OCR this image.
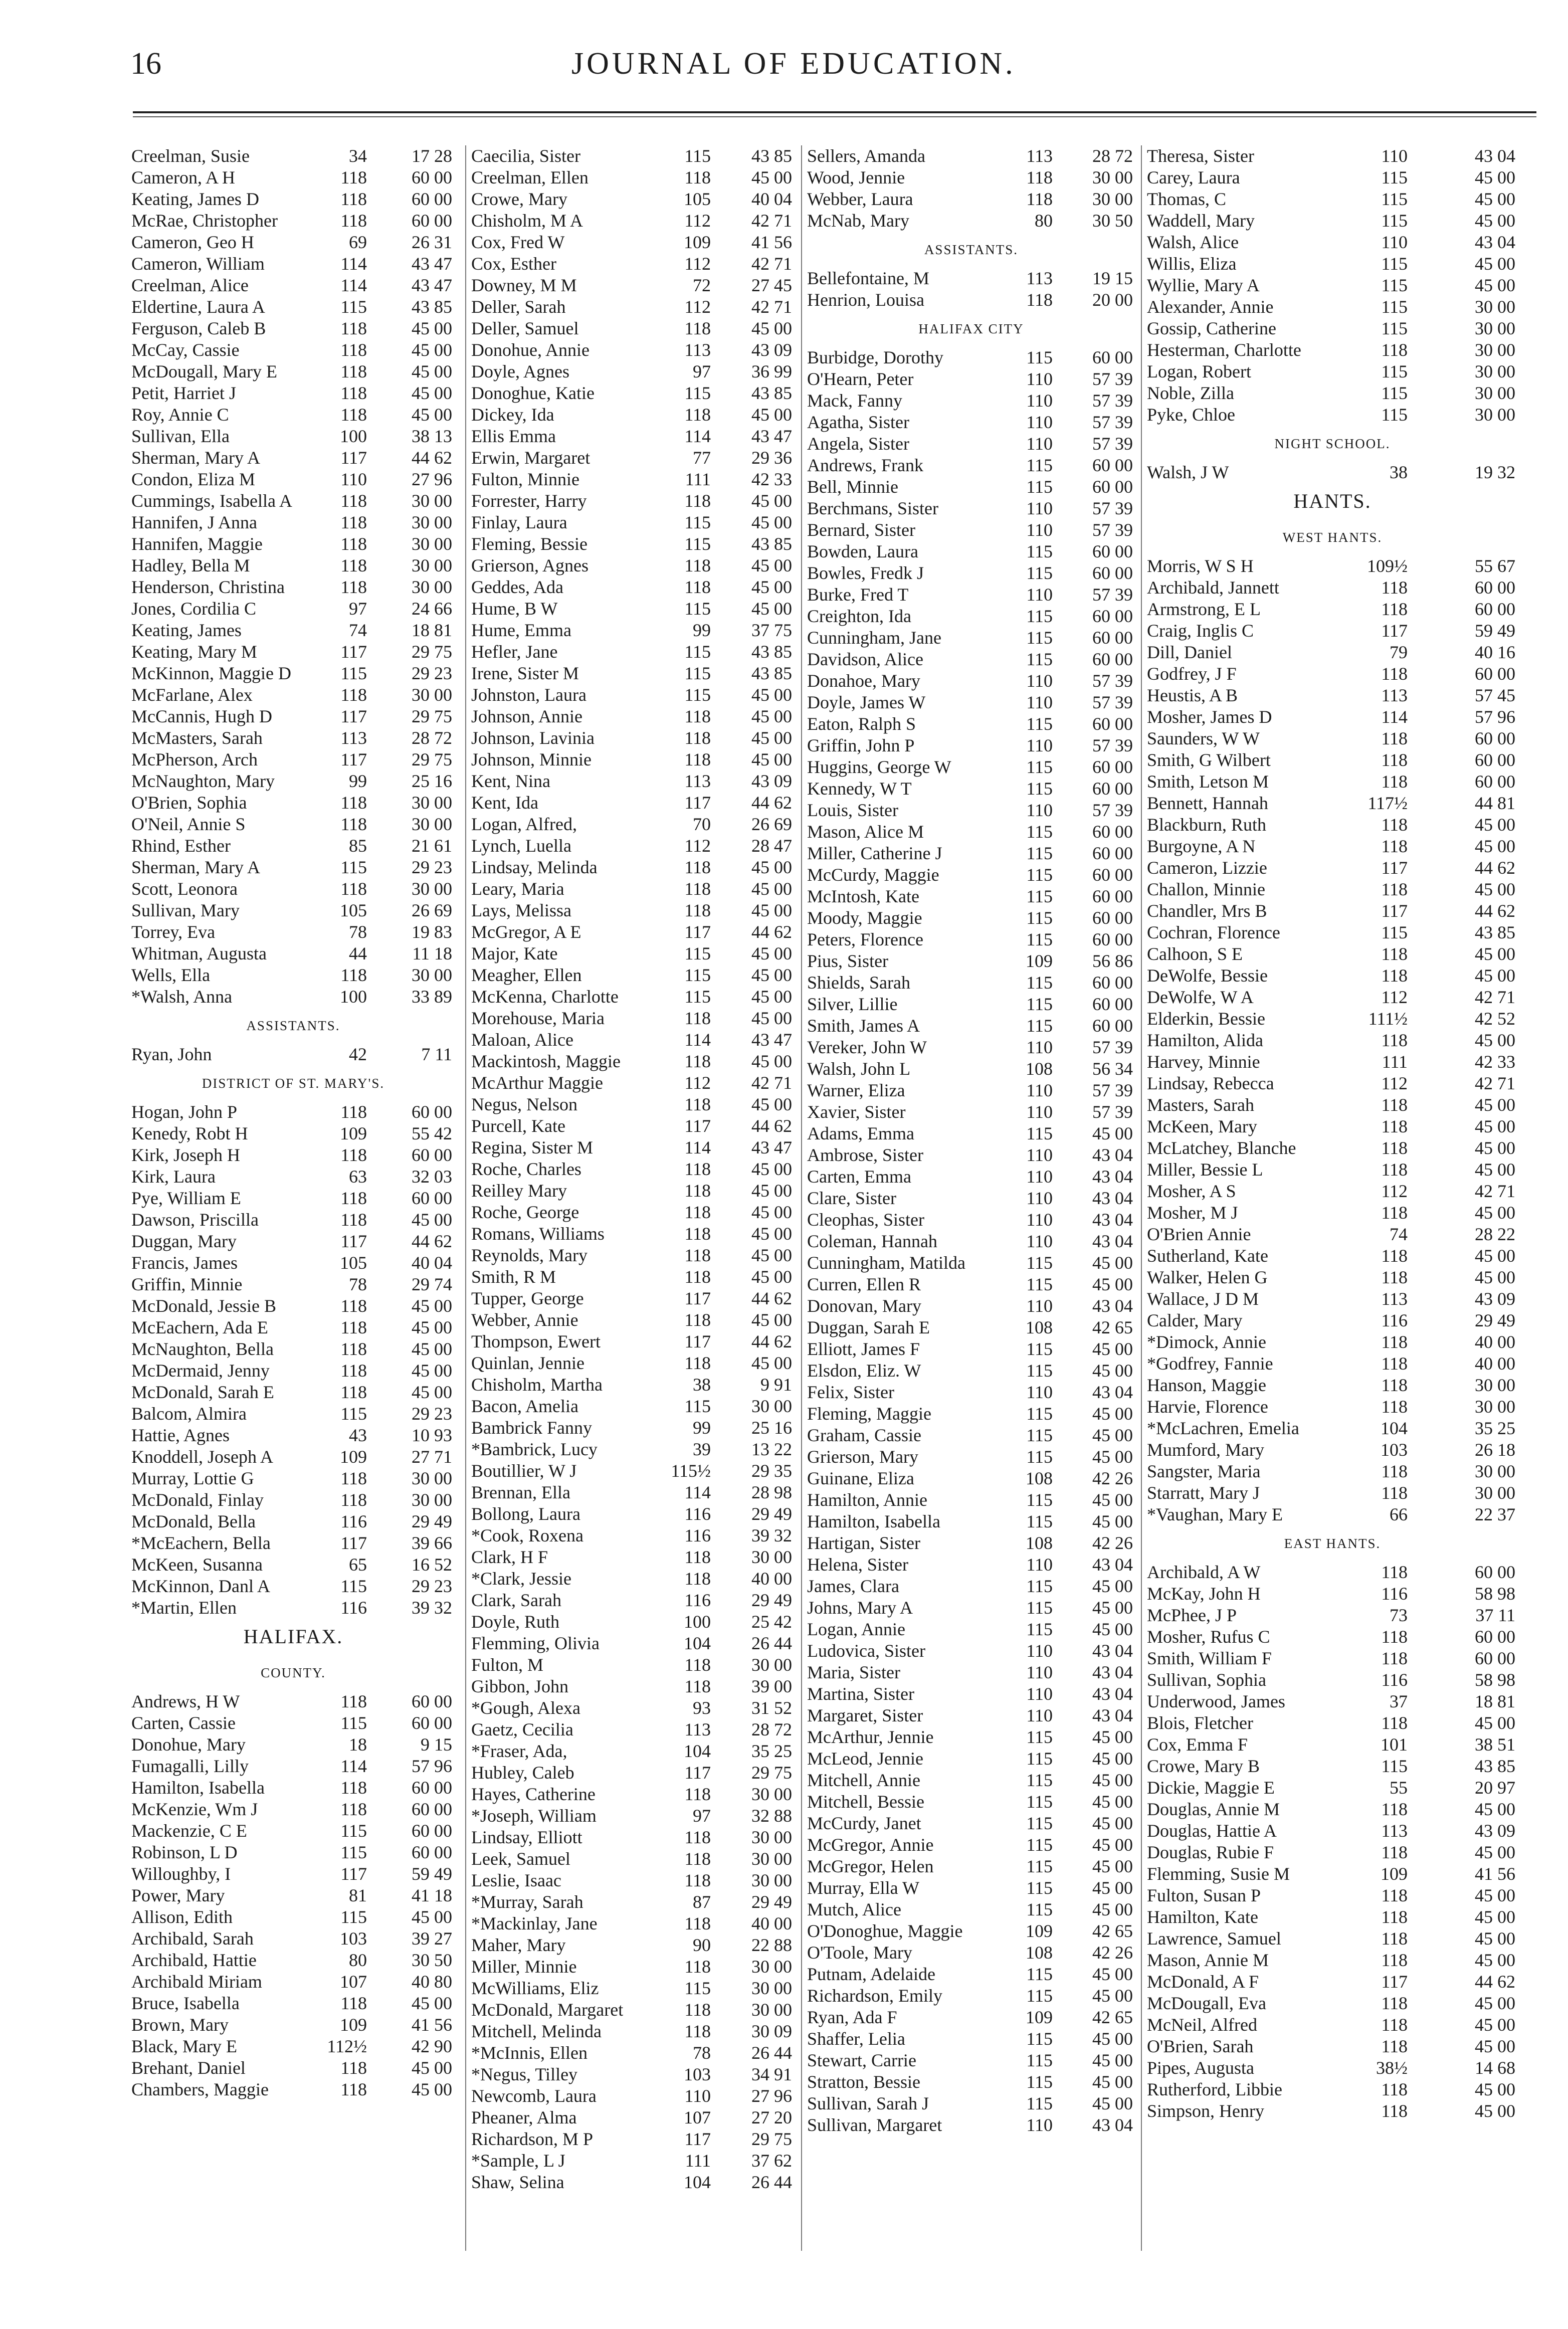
16	JOURNAL OF EDUCATION.
Creelman, Susie	34	17 28
Cameron, A H	118	60 00
Keating, James D	118	60 00
McRae, Christopher	118	60 00
Cameron, Geo H	69	26 31
Cameron, William	114	43 47
Creelman, Alice	114	43 47
Eldertine, Laura A	115	43 85
Ferguson, Caleb B	118	45 00
McCay, Cassie	118	45 00
McDougall, Mary E	118	45 00
Petit, Harriet J	118	45 00
Roy, Annie C	118	45 00
Sullivan, Ella	100	38 13
Sherman, Mary A	117	44 62
Condon, Eliza M	110	27 96
Cummings, Isabella A	118	30 00
Hannifen, J Anna	118	30 00
Hannifen, Maggie	118	30 00
Hadley, Bella M	118	30 00
Henderson, Christina	118	30 00
Jones, Cordilia C	97	24 66
Keating, James	74	18 81
Keating, Mary M	117	29 75
McKinnon, Maggie D	115	29 23
McFarlane, Alex	118	30 00
McCannis, Hugh D	117	29 75
McMasters, Sarah	113	28 72
McPherson, Arch	117	29 75
McNaughton, Mary	99	25 16
O'Brien, Sophia	118	30 00
O'Neil, Annie S	118	30 00
Rhind, Esther	85	21 61
Sherman, Mary A	115	29 23
Scott, Leonora	118	30 00
Sullivan, Mary	105	26 69
Torrey, Eva	78	19 83
Whitman, Augusta	44	11 18
Wells, Ella	118	30 00
*Walsh, Anna	100	33 89
ASSISTANTS.
Ryan, John	42	7 11
DISTRICT OF ST. MARY'S.
Hogan, John P	118	60 00
Kenedy, Robt H	109	55 42
Kirk, Joseph H	118	60 00
Kirk, Laura	63	32 03
Pye, William E	118	60 00
Dawson, Priscilla	118	45 00
Duggan, Mary	117	44 62
Francis, James	105	40 04
Griffin, Minnie	78	29 74
McDonald, Jessie B	118	45 00
McEachern, Ada E	118	45 00
McNaughton, Bella	118	45 00
McDermaid, Jenny	118	45 00
McDonald, Sarah E	118	45 00
Balcom, Almira	115	29 23
Hattie, Agnes	43	10 93
Knoddell, Joseph A	109	27 71
Murray, Lottie G	118	30 00
McDonald, Finlay	118	30 00
McDonald, Bella	116	29 49
*McEachern, Bella	117	39 66
McKeen, Susanna	65	16 52
McKinnon, Danl A	115	29 23
*Martin, Ellen	116	39 32
HALIFAX.
COUNTY.
Andrews, H W	118	60 00
Carten, Cassie	115	60 00
Donohue, Mary	18	9 15
Fumagalli, Lilly	114	57 96
Hamilton, Isabella	118	60 00
McKenzie, Wm J	118	60 00
Mackenzie, C E	115	60 00
Robinson, L D	115	60 00
Willoughby, I	117	59 49
Power, Mary	81	41 18
Allison, Edith	115	45 00
Archibald, Sarah	103	39 27
Archibald, Hattie	80	30 50
Archibald Miriam	107	40 80
Bruce, Isabella	118	45 00
Brown, Mary	109	41 56
Black, Mary E	112½	42 90
Brehant, Daniel	118	45 00
Chambers, Maggie	118	45 00
Caecilia, Sister	115	43 85
Creelman, Ellen	118	45 00
Crowe, Mary	105	40 04
Chisholm, M A	112	42 71
Cox, Fred W	109	41 56
Cox, Esther	112	42 71
Downey, M M	72	27 45
Deller, Sarah	112	42 71
Deller, Samuel	118	45 00
Donohue, Annie	113	43 09
Doyle, Agnes	97	36 99
Donoghue, Katie	115	43 85
Dickey, Ida	118	45 00
Ellis Emma	114	43 47
Erwin, Margaret	77	29 36
Fulton, Minnie	111	42 33
Forrester, Harry	118	45 00
Finlay, Laura	115	45 00
Fleming, Bessie	115	43 85
Grierson, Agnes	118	45 00
Geddes, Ada	118	45 00
Hume, B W	115	45 00
Hume, Emma	99	37 75
Hefler, Jane	115	43 85
Irene, Sister M	115	43 85
Johnston, Laura	115	45 00
Johnson, Annie	118	45 00
Johnson, Lavinia	118	45 00
Johnson, Minnie	118	45 00
Kent, Nina	113	43 09
Kent, Ida	117	44 62
Logan, Alfred,	70	26 69
Lynch, Luella	112	28 47
Lindsay, Melinda	118	45 00
Leary, Maria	118	45 00
Lays, Melissa	118	45 00
McGregor, A E	117	44 62
Major, Kate	115	45 00
Meagher, Ellen	115	45 00
McKenna, Charlotte	115	45 00
Morehouse, Maria	118	45 00
Maloan, Alice	114	43 47
Mackintosh, Maggie	118	45 00
McArthur Maggie	112	42 71
Negus, Nelson	118	45 00
Purcell, Kate	117	44 62
Regina, Sister M	114	43 47
Roche, Charles	118	45 00
Reilley Mary	118	45 00
Roche, George	118	45 00
Romans, Williams	118	45 00
Reynolds, Mary	118	45 00
Smith, R M	118	45 00
Tupper, George	117	44 62
Webber, Annie	118	45 00
Thompson, Ewert	117	44 62
Quinlan, Jennie	118	45 00
Chisholm, Martha	38	9 91
Bacon, Amelia	115	30 00
Bambrick Fanny	99	25 16
*Bambrick, Lucy	39	13 22
Boutillier, W J	115½	29 35
Brennan, Ella	114	28 98
Bollong, Laura	116	29 49
*Cook, Roxena	116	39 32
Clark, H F	118	30 00
*Clark, Jessie	118	40 00
Clark, Sarah	116	29 49
Doyle, Ruth	100	25 42
Flemming, Olivia	104	26 44
Fulton, M	118	30 00
Gibbon, John	118	39 00
*Gough, Alexa	93	31 52
Gaetz, Cecilia	113	28 72
*Fraser, Ada,	104	35 25
Hubley, Caleb	117	29 75
Hayes, Catherine	118	30 00
*Joseph, William	97	32 88
Lindsay, Elliott	118	30 00
Leek, Samuel	118	30 00
Leslie, Isaac	118	30 00
*Murray, Sarah	87	29 49
*Mackinlay, Jane	118	40 00
Maher, Mary	90	22 88
Miller, Minnie	118	30 00
McWilliams, Eliz	115	30 00
McDonald, Margaret	118	30 00
Mitchell, Melinda	118	30 09
*McInnis, Ellen	78	26 44
*Negus, Tilley	103	34 91
Newcomb, Laura	110	27 96
Pheaner, Alma	107	27 20
Richardson, M P	117	29 75
*Sample, L J	111	37 62
Shaw, Selina	104	26 44
Sellers, Amanda	113	28 72
Wood, Jennie	118	30 00
Webber, Laura	118	30 00
McNab, Mary	80	30 50
ASSISTANTS.
Bellefontaine, M	113	19 15
Henrion, Louisa	118	20 00
HALIFAX CITY
Burbidge, Dorothy	115	60 00
O'Hearn, Peter	110	57 39
Mack, Fanny	110	57 39
Agatha, Sister	110	57 39
Angela, Sister	110	57 39
Andrews, Frank	115	60 00
Bell, Minnie	115	60 00
Berchmans, Sister	110	57 39
Bernard, Sister	110	57 39
Bowden, Laura	115	60 00
Bowles, Fredk J	115	60 00
Burke, Fred T	110	57 39
Creighton, Ida	115	60 00
Cunningham, Jane	115	60 00
Davidson, Alice	115	60 00
Donahoe, Mary	110	57 39
Doyle, James W	110	57 39
Eaton, Ralph S	115	60 00
Griffin, John P	110	57 39
Huggins, George W	115	60 00
Kennedy, W T	115	60 00
Louis, Sister	110	57 39
Mason, Alice M	115	60 00
Miller, Catherine J	115	60 00
McCurdy, Maggie	115	60 00
McIntosh, Kate	115	60 00
Moody, Maggie	115	60 00
Peters, Florence	115	60 00
Pius, Sister	109	56 86
Shields, Sarah	115	60 00
Silver, Lillie	115	60 00
Smith, James A	115	60 00
Vereker, John W	110	57 39
Walsh, John L	108	56 34
Warner, Eliza	110	57 39
Xavier, Sister	110	57 39
Adams, Emma	115	45 00
Ambrose, Sister	110	43 04
Carten, Emma	110	43 04
Clare, Sister	110	43 04
Cleophas, Sister	110	43 04
Coleman, Hannah	110	43 04
Cunningham, Matilda	115	45 00
Curren, Ellen R	115	45 00
Donovan, Mary	110	43 04
Duggan, Sarah E	108	42 65
Elliott, James F	115	45 00
Elsdon, Eliz. W	115	45 00
Felix, Sister	110	43 04
Fleming, Maggie	115	45 00
Graham, Cassie	115	45 00
Grierson, Mary	115	45 00
Guinane, Eliza	108	42 26
Hamilton, Annie	115	45 00
Hamilton, Isabella	115	45 00
Hartigan, Sister	108	42 26
Helena, Sister	110	43 04
James, Clara	115	45 00
Johns, Mary A	115	45 00
Logan, Annie	115	45 00
Ludovica, Sister	110	43 04
Maria, Sister	110	43 04
Martina, Sister	110	43 04
Margaret, Sister	110	43 04
McArthur, Jennie	115	45 00
McLeod, Jennie	115	45 00
Mitchell, Annie	115	45 00
Mitchell, Bessie	115	45 00
McCurdy, Janet	115	45 00
McGregor, Annie	115	45 00
McGregor, Helen	115	45 00
Murray, Ella W	115	45 00
Mutch, Alice	115	45 00
O'Donoghue, Maggie	109	42 65
O'Toole, Mary	108	42 26
Putnam, Adelaide	115	45 00
Richardson, Emily	115	45 00
Ryan, Ada F	109	42 65
Shaffer, Lelia	115	45 00
Stewart, Carrie	115	45 00
Stratton, Bessie	115	45 00
Sullivan, Sarah J	115	45 00
Sullivan, Margaret	110	43 04
Theresa, Sister	110	43 04
Carey, Laura	115	45 00
Thomas, C	115	45 00
Waddell, Mary	115	45 00
Walsh, Alice	110	43 04
Willis, Eliza	115	45 00
Wyllie, Mary A	115	45 00
Alexander, Annie	115	30 00
Gossip, Catherine	115	30 00
Hesterman, Charlotte	118	30 00
Logan, Robert	115	30 00
Noble, Zilla	115	30 00
Pyke, Chloe	115	30 00
NIGHT SCHOOL.
Walsh, J W	38	19 32
HANTS.
WEST HANTS.
Morris, W S H	109½	55 67
Archibald, Jannett	118	60 00
Armstrong, E L	118	60 00
Craig, Inglis C	117	59 49
Dill, Daniel	79	40 16
Godfrey, J F	118	60 00
Heustis, A B	113	57 45
Mosher, James D	114	57 96
Saunders, W W	118	60 00
Smith, G Wilbert	118	60 00
Smith, Letson M	118	60 00
Bennett, Hannah	117½	44 81
Blackburn, Ruth	118	45 00
Burgoyne, A N	118	45 00
Cameron, Lizzie	117	44 62
Challon, Minnie	118	45 00
Chandler, Mrs B	117	44 62
Cochran, Florence	115	43 85
Calhoon, S E	118	45 00
DeWolfe, Bessie	118	45 00
DeWolfe, W A	112	42 71
Elderkin, Bessie	111½	42 52
Hamilton, Alida	118	45 00
Harvey, Minnie	111	42 33
Lindsay, Rebecca	112	42 71
Masters, Sarah	118	45 00
McKeen, Mary	118	45 00
McLatchey, Blanche	118	45 00
Miller, Bessie L	118	45 00
Mosher, A S	112	42 71
Mosher, M J	118	45 00
O'Brien Annie	74	28 22
Sutherland, Kate	118	45 00
Walker, Helen G	118	45 00
Wallace, J D M	113	43 09
Calder, Mary	116	29 49
*Dimock, Annie	118	40 00
*Godfrey, Fannie	118	40 00
Hanson, Maggie	118	30 00
Harvie, Florence	118	30 00
*McLachren, Emelia	104	35 25
Mumford, Mary	103	26 18
Sangster, Maria	118	30 00
Starratt, Mary J	118	30 00
*Vaughan, Mary E	66	22 37
EAST HANTS.
Archibald, A W	118	60 00
McKay, John H	116	58 98
McPhee, J P	73	37 11
Mosher, Rufus C	118	60 00
Smith, William F	118	60 00
Sullivan, Sophia	116	58 98
Underwood, James	37	18 81
Blois, Fletcher	118	45 00
Cox, Emma F	101	38 51
Crowe, Mary B	115	43 85
Dickie, Maggie E	55	20 97
Douglas, Annie M	118	45 00
Douglas, Hattie A	113	43 09
Douglas, Rubie F	118	45 00
Flemming, Susie M	109	41 56
Fulton, Susan P	118	45 00
Hamilton, Kate	118	45 00
Lawrence, Samuel	118	45 00
Mason, Annie M	118	45 00
McDonald, A F	117	44 62
McDougall, Eva	118	45 00
McNeil, Alfred	118	45 00
O'Brien, Sarah	118	45 00
Pipes, Augusta	38½	14 68
Rutherford, Libbie	118	45 00
Simpson, Henry	118	45 00
